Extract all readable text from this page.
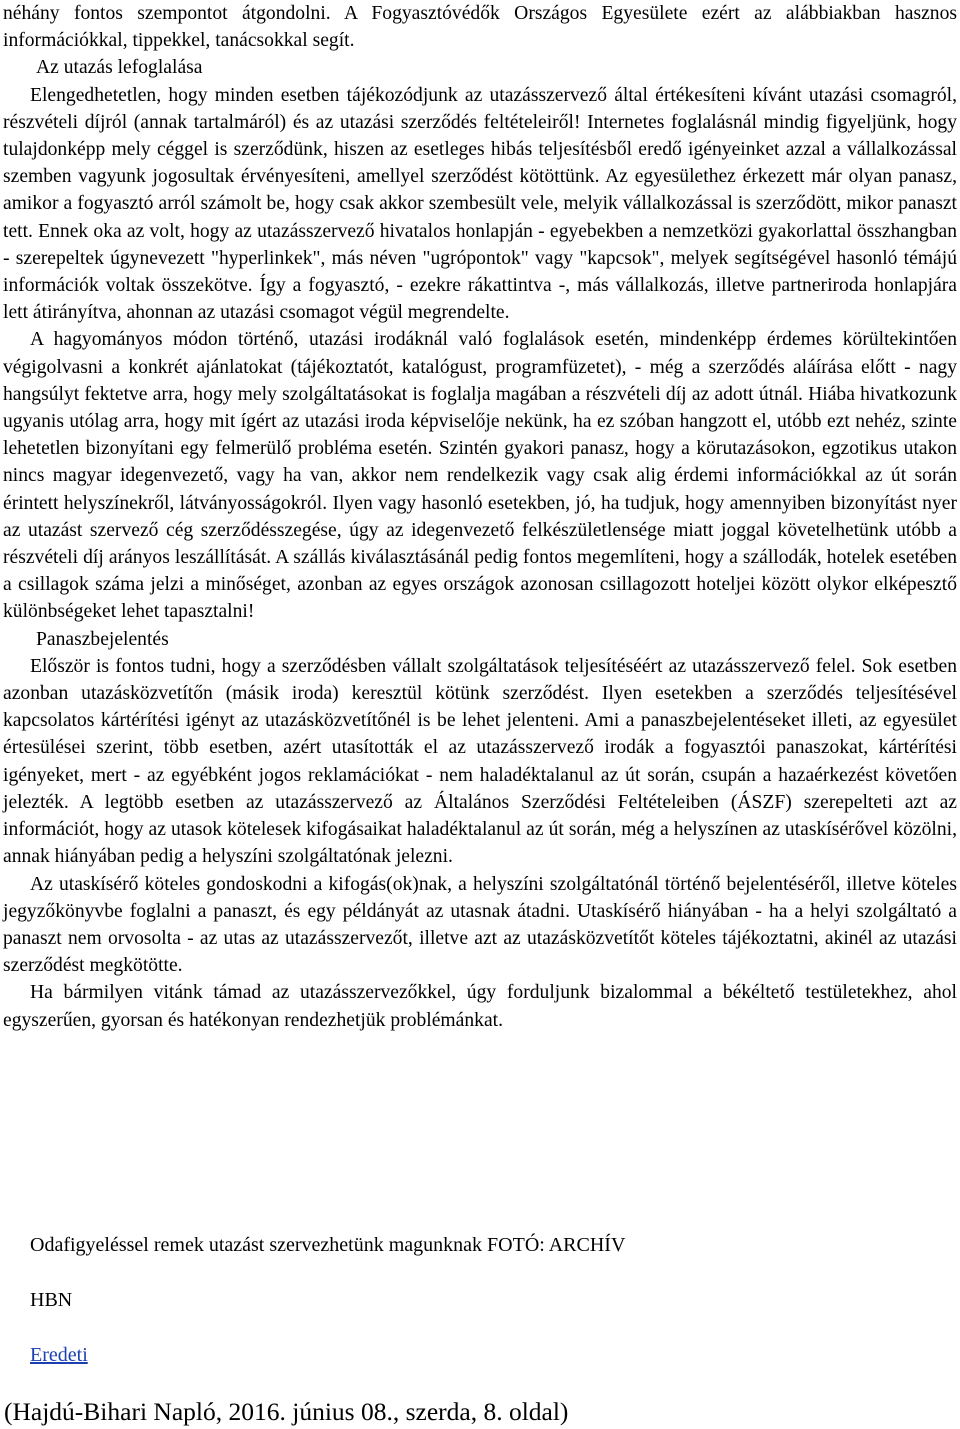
néhány fontos szempontot átgondolni. A Fogyasztóvédők Országos Egyesülete ezért az alábbiakban hasznos információkkal, tippekkel, tanácsokkal segít.

Az utazás lefoglalása

Elengedhetetlen, hogy minden esetben tájékozódjunk az utazásszervező által értékesíteni kívánt utazási csomagról, részvételi díjról (annak tartalmáról) és az utazási szerződés feltételeiről! Internetes foglalásnál mindig figyeljünk, hogy tulajdonképp mely céggel is szerződünk, hiszen az esetleges hibás teljesítésből eredő igényeinket azzal a vállalkozással szemben vagyunk jogosultak érvényesíteni, amellyel szerződést kötöttünk. Az egyesülethez érkezett már olyan panasz, amikor a fogyasztó arról számolt be, hogy csak akkor szembesült vele, melyik vállalkozással is szerződött, mikor panaszt tett. Ennek oka az volt, hogy az utazásszervező hivatalos honlapján - egyebekben a nemzetközi gyakorlattal összhangban - szerepeltek úgynevezett "hyperlinkek", más néven "ugrópontok" vagy "kapcsok", melyek segítségével hasonló témájú információk voltak összekötve. Így a fogyasztó, - ezekre rákattintva -, más vállalkozás, illetve partneriroda honlapjára lett átirányítva, ahonnan az utazási csomagot végül megrendelte.

A hagyományos módon történő, utazási irodáknál való foglalások esetén, mindenképp érdemes körültekintően végigolvasni a konkrét ajánlatokat (tájékoztatót, katalógust, programfüzetet), - még a szerződés aláírása előtt - nagy hangsúlyt fektetve arra, hogy mely szolgáltatásokat is foglalja magában a részvételi díj az adott útnál. Hiába hivatkozunk ugyanis utólag arra, hogy mit ígért az utazási iroda képviselője nekünk, ha ez szóban hangzott el, utóbb ezt nehéz, szinte lehetetlen bizonyítani egy felmerülő probléma esetén. Szintén gyakori panasz, hogy a körutazásokon, egzotikus utakon nincs magyar idegenvezető, vagy ha van, akkor nem rendelkezik vagy csak alig érdemi információkkal az út során érintett helyszínekről, látványosságokról. Ilyen vagy hasonló esetekben, jó, ha tudjuk, hogy amennyiben bizonyítást nyer az utazást szervező cég szerződésszegése, úgy az idegenvezető felkészületlensége miatt joggal követelhetünk utóbb a részvételi díj arányos leszállítását. A szállás kiválasztásánál pedig fontos megemlíteni, hogy a szállodák, hotelek esetében a csillagok száma jelzi a minőséget, azonban az egyes országok azonosan csillagozott hoteljei között olykor elképesztő különbségeket lehet tapasztalni!

Panaszbejelentés

Először is fontos tudni, hogy a szerződésben vállalt szolgáltatások teljesítéséért az utazásszervező felel. Sok esetben azonban utazásközvetítőn (másik iroda) keresztül kötünk szerződést. Ilyen esetekben a szerződés teljesítésével kapcsolatos kártérítési igényt az utazásközvetítőnél is be lehet jelenteni. Ami a panaszbejelentéseket illeti, az egyesület értesülései szerint, több esetben, azért utasították el az utazásszervező irodák a fogyasztói panaszokat, kártérítési igényeket, mert - az egyébként jogos reklamációkat - nem haladéktalanul az út során, csupán a hazaérkezést követően jelezték. A legtöbb esetben az utazásszervező az Általános Szerződési Feltételeiben (ÁSZF) szerepelteti azt az információt, hogy az utasok kötelesek kifogásaikat haladéktalanul az út során, még a helyszínen az utaskísérővel közölni, annak hiányában pedig a helyszíni szolgáltatónak jelezni.

Az utaskísérő köteles gondoskodni a kifogás(ok)nak, a helyszíni szolgáltatónál történő bejelentéséről, illetve köteles jegyzőkönyvbe foglalni a panaszt, és egy példányát az utasnak átadni. Utaskísérő hiányában - ha a helyi szolgáltató a panaszt nem orvosolta - az utas az utazásszervezőt, illetve azt az utazásközvetítőt köteles tájékoztatni, akinél az utazási szerződést megkötötte.

Ha bármilyen vitánk támad az utazásszervezőkkel, úgy forduljunk bizalommal a békéltető testületekhez, ahol egyszerűen, gyorsan és hatékonyan rendezhetjük problémánkat.

Odafigyeléssel remek utazást szervezhetünk magunknak FOTÓ: ARCHÍV
HBN
Eredeti
(Hajdú-Bihari Napló, 2016. június 08., szerda, 8. oldal)
